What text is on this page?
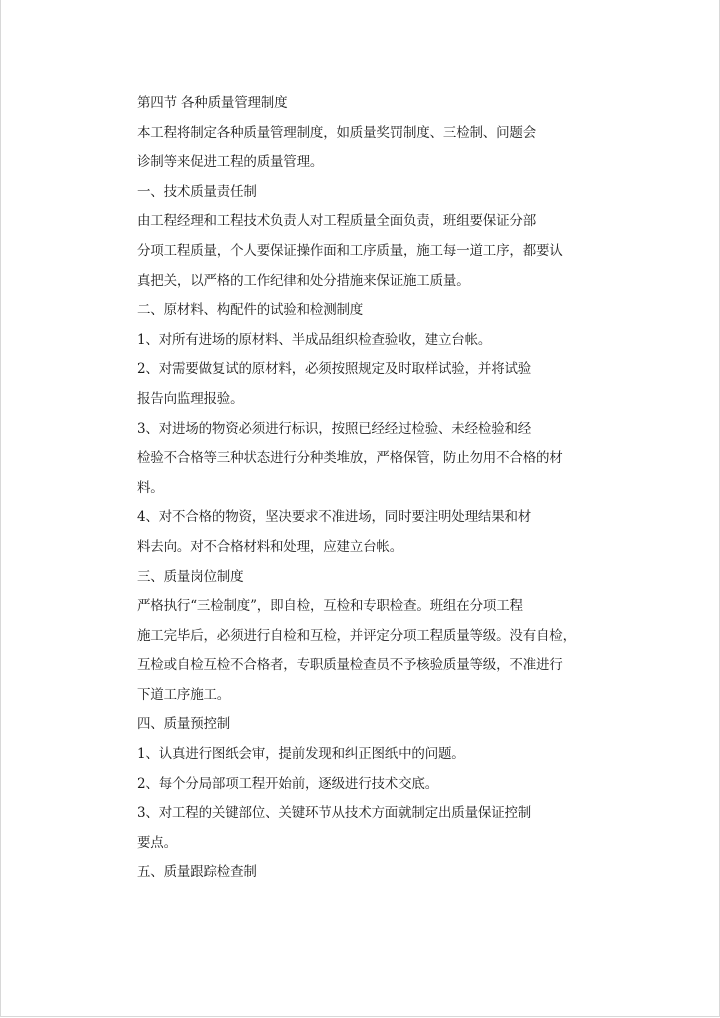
第四节 各种质量管理制度
本工程将制定各种质量管理制度，如质量奖罚制度、三检制、问题会
诊制等来促进工程的质量管理。
一、技术质量责任制
由工程经理和工程技术负责人对工程质量全面负责，班组要保证分部
分项工程质量，个人要保证操作面和工序质量，施工每一道工序，都要认
真把关，以严格的工作纪律和处分措施来保证施工质量。
二、原材料、构配件的试验和检测制度
1、对所有进场的原材料、半成品组织检查验收，建立台帐。
2、对需要做复试的原材料，必须按照规定及时取样试验，并将试验
报告向监理报验。
3、对进场的物资必须进行标识，按照已经经过检验、未经检验和经
检验不合格等三种状态进行分种类堆放，严格保管，防止勿用不合格的材
料。
4、对不合格的物资，坚决要求不准进场，同时要注明处理结果和材
料去向。对不合格材料和处理，应建立台帐。
三、质量岗位制度
严格执行“三检制度”，即自检，互检和专职检查。班组在分项工程
施工完毕后，必须进行自检和互检，并评定分项工程质量等级。没有自检，
互检或自检互检不合格者，专职质量检查员不予核验质量等级，不准进行
下道工序施工。
四、质量预控制
1、认真进行图纸会审，提前发现和纠正图纸中的问题。
2、每个分局部项工程开始前，逐级进行技术交底。
3、对工程的关键部位、关键环节从技术方面就制定出质量保证控制
要点。
五、质量跟踪检查制
